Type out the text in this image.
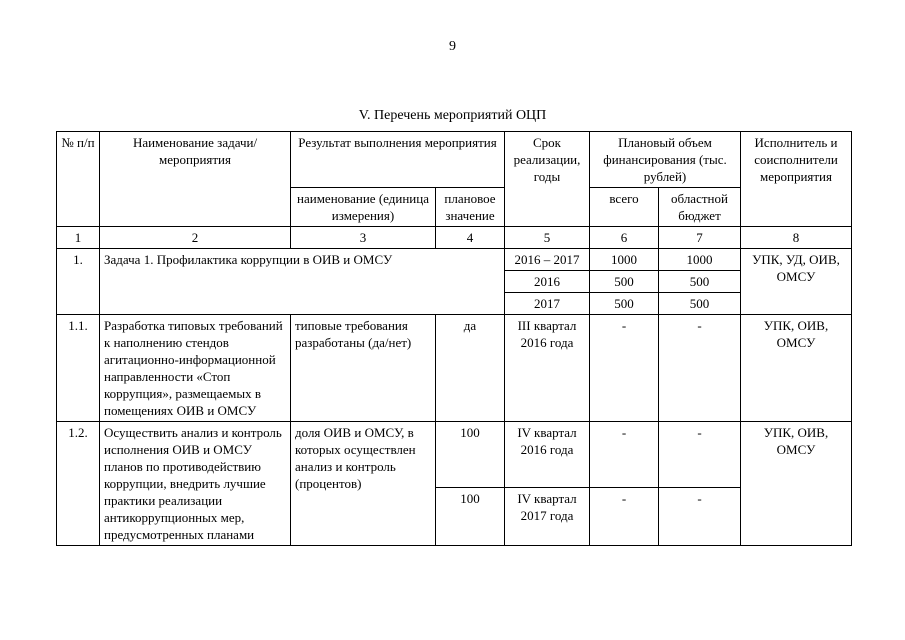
9
V. Перечень мероприятий ОЦП
№ п/п	Наименование задачи/мероприятия	Результат выполнения мероприятия		Срок реализации, годы	Плановый объем финансирования (тыс. рублей)		Исполнитель и соисполнители мероприятия
		наименование (единица измерения)	плановое значение		всего	областной бюджет	
1	2	3	4	5	6	7	8
1.	Задача 1. Профилактика коррупции в ОИВ и ОМСУ			2016 – 2017	1000	1000	УПК, УД, ОИВ, ОМСУ
				2016	500	500	
				2017	500	500	
1.1.	Разработка типовых требований к наполнению стендов агитационно-информационной направленности «Стоп коррупция», размещаемых в помещениях ОИВ и ОМСУ	типовые требования разработаны (да/нет)	да	III квартал 2016 года	-	-	УПК, ОИВ, ОМСУ
1.2.	Осуществить анализ и контроль исполнения ОИВ и ОМСУ планов по противодействию коррупции, внедрить лучшие практики реализации антикоррупционных мер, предусмотренных планами	доля ОИВ и ОМСУ, в которых осуществлен анализ и контроль (процентов)	100	IV квартал 2016 года	-	-	УПК, ОИВ, ОМСУ
			100	IV квартал 2017 года	-	-	
